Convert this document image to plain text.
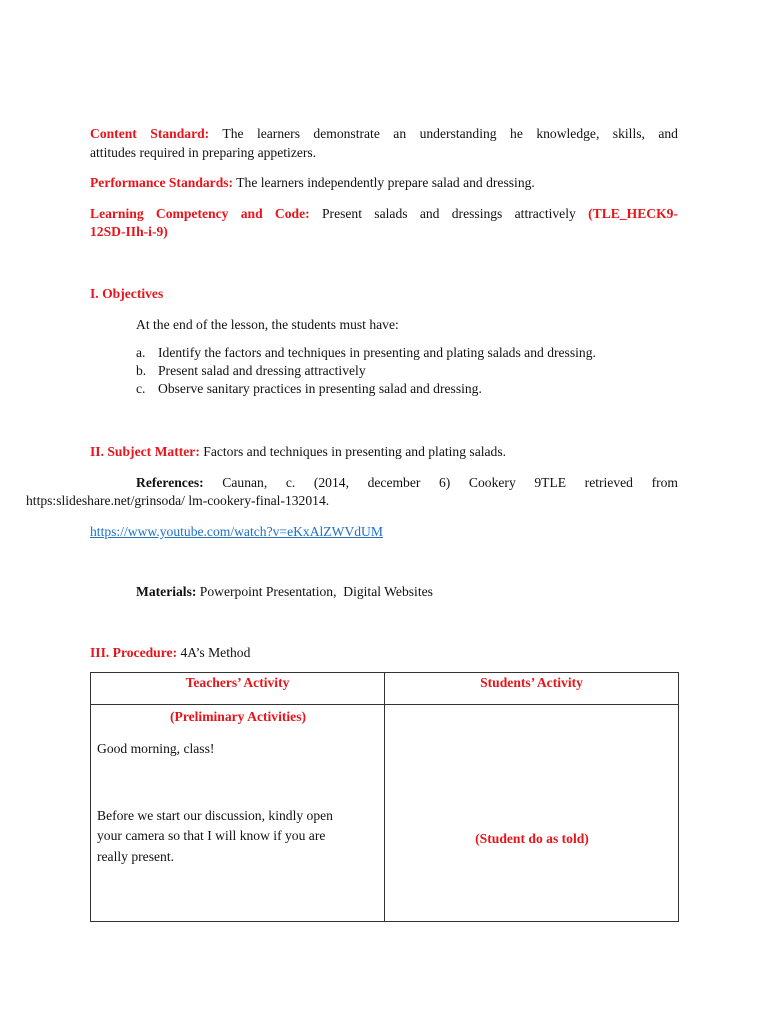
Content Standard: The learners demonstrate an understanding he knowledge, skills, and
attitudes required in preparing appetizers.
Performance Standards: The learners independently prepare salad and dressing.
Learning Competency and Code: Present salads and dressings attractively (TLE_HECK9-
12SD-IIh-i-9)
I. Objectives
At the end of the lesson, the students must have:
a. Identify the factors and techniques in presenting and plating salads and dressing.
b. Present salad and dressing attractively
c. Observe sanitary practices in presenting salad and dressing.
II. Subject Matter: Factors and techniques in presenting and plating salads.
References: Caunan, c. (2014, december 6) Cookery 9TLE retrieved from
https:slideshare.net/grinsoda/ lm-cookery-final-132014.
https://www.youtube.com/watch?v=eKxAlZWVdUM
Materials: Powerpoint Presentation,  Digital Websites
III. Procedure: 4A’s Method
Teachers’ Activity	Students’ Activity

(Preliminary Activities)
Good morning, class!
Before we start our discussion, kindly open
your camera so that I will know if you are
really present.	(Student do as told)
